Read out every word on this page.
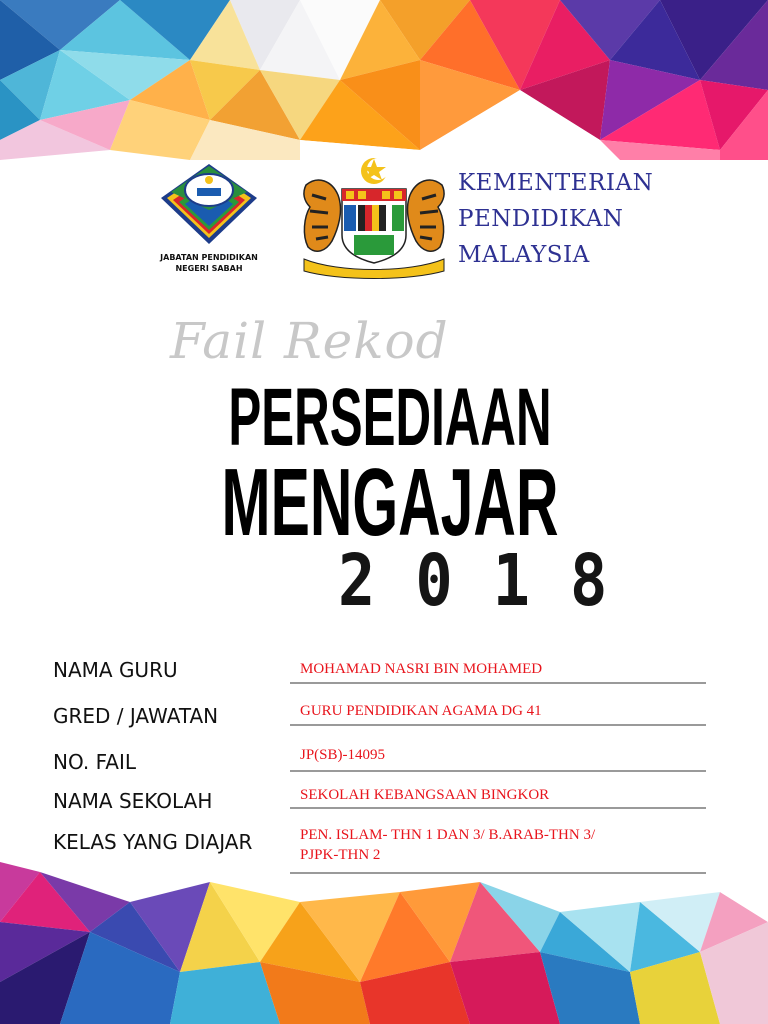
JABATAN PENDIDIKAN
NEGERI SABAH
KEMENTERIAN
PENDIDIKAN
MALAYSIA
Fail Rekod
PERSEDIAAN
MENGAJAR
2018
NAMA GURU	MOHAMAD NASRI BIN MOHAMED
GRED / JAWATAN	GURU PENDIDIKAN AGAMA DG 41
NO. FAIL	JP(SB)-14095
NAMA SEKOLAH	SEKOLAH KEBANGSAAN BINGKOR
KELAS YANG DIAJAR	PEN. ISLAM- THN 1 DAN 3/ B.ARAB-THN 3/
PJPK-THN 2
